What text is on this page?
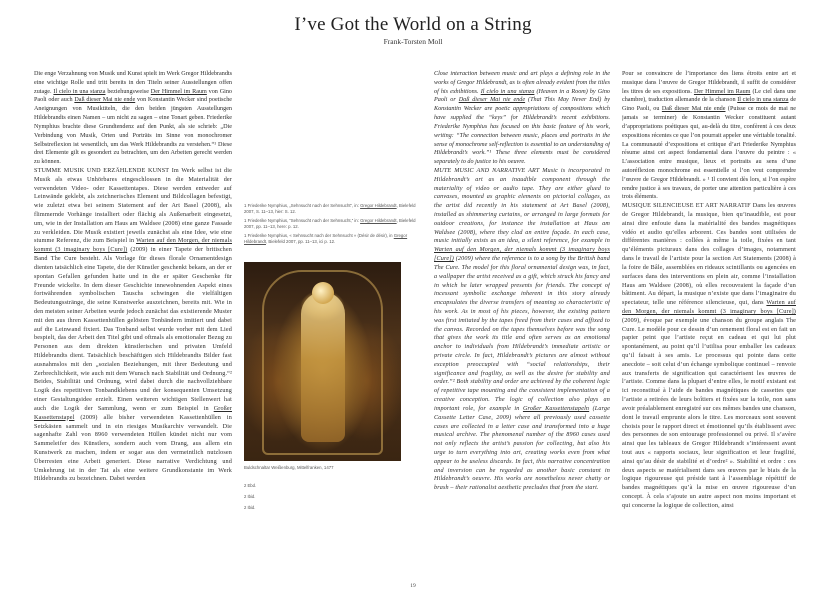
I’ve Got the World on a String
Frank-Torsten Moll

Die enge Verzahnung von Musik und Kunst spielt im Werk Gregor Hildebrandts eine wichtige Rolle und tritt bereits in den Titeln seiner Ausstellungen offen zutage. Il cielo in una stanza beziehungsweise Der Himmel im Raum von Gino Paoli oder auch Daß dieser Mai nie ende von Konstantin Wecker sind poetische Aneignungen von Musiktiteln, die den beiden jüngsten Ausstellungen Hildebrandts einen Namen – um nicht zu sagen – eine Tonart geben. Friederike Nymphius brachte diese Grundtendenz auf den Punkt, als sie schrieb: „Die Verbindung von Musik, Orten und Porträts im Sinne von monochromer Selbstreflexion ist wesentlich, um das Werk Hildebrandts zu verstehen.“¹ Diese drei Elemente gilt es gesondert zu betrachten, um den Arbeiten gerecht werden zu können.

STUMME MUSIK UND ERZÄHLENDE KUNST Im Werk selbst ist die Musik als etwas Unhörbares eingeschlossen in die Materialität der verwendeten Video- oder Kassettentapes. Diese werden entweder auf Leinwände geklebt, als zeichnerisches Element und Bildcollagen befestigt, wie zuletzt etwa bei seinem Statement auf der Art Basel (2008), als flimmernde Vorhänge installiert oder flächig als Außenarbeit eingesetzt, um, wie in der Installation am Haus am Waldsee (2008) eine ganze Fassade zu verkleiden. Die Musik existiert jeweils zunächst als eine Idee, wie eine stumme Referenz, die zum Beispiel in Warten auf den Morgen, der niemals kommt (3 imaginary boys [Cure]) (2009) in einer Tapete der britischen Band The Cure besteht. Als Vorlage für dieses florale Ornamentdesign dienten tatsächlich eine Tapete, die der Künstler geschenkt bekam, an der er spontan Gefallen gefunden hatte und in die er später Geschenke für Freunde wickelte. In dem dieser Geschichte innewohnenden Aspekt eines fortwährenden symbolischen Tauschs schwingen die vielfältigen Bedeutungsstränge, die seine Kunstwerke auszeichnen, bereits mit. Wie in den meisten seiner Arbeiten wurde jedoch zunächst das existierende Muster mit den aus ihren Kassettenhüllen gelösten Tonbändern imitiert und dabei auf die Leinwand fixiert. Das Tonband selbst wurde vorher mit dem Lied bespielt, das der Arbeit den Titel gibt und oftmals als emotionaler Bezug zu Personen aus dem direkten künstlerischen und privaten Umfeld Hildebrandts dient. Tatsächlich beschäftigen sich Hildebrandts Bilder fast ausnahmslos mit den „sozialen Beziehungen, mit ihrer Bedeutung und Zerbrechlichkeit, wie auch mit dem Wunsch nach Stabilität und Ordnung.“² Beides, Stabilität und Ordnung, wird dabei durch die nachvollziehbare Logik des repetitiven Tonbandklebens und der konsequenten Umsetzung einer Gestaltungsidee erzielt. Einen weiteren wichtigen Stellenwert hat auch die Logik der Sammlung, wenn er zum Beispiel in Großer Kassettenstapel (2009) alle bisher verwendeten Kassettenhüllen in Setzkästen sammelt und in ein riesiges Musikarchiv verwandelt. Die sagenhafte Zahl von 8960 verwendeten Hüllen kündet nicht nur vom Sammeleifer des Künstlers, sondern auch vom Drang, aus allem ein Kunstwerk zu machen, indem er sogar aus den vermeintlich nutzlosen Überresten eine Arbeit generiert. Diese narrative Verdichtung und Umkehrung ist in der Tat als eine weitere Grundkonstante im Werk Hildebrandts zu bezeichnen. Dabei werden

1 Friederike Nymphius, „Sehnsucht nach der Sehnsucht“, in: Gregor Hildebrandt, Bielefeld 2007, S. 11–13, hier: S. 12.

1 Friederike Nymphius, “Sehnsucht nach der Sehnsucht,” in: Gregor Hildebrandt, Bielefeld 2007, pp. 11–13, here: p. 12.

1 Friederike Nymphius, « Sehnsucht nach der Sehnsucht » (Désir de désir), in Gregor Hildebrandt, Bielefeld 2007, pp. 11–13, ici p. 12.

Buldschnaltar Weißenburg, Mittelfranken, 1477
2 Ebd.
2 Ibid.
2 Ibid.

Close interaction between music and art plays a defining role in the works of Gregor Hildebrandt, as is often already evident from the titles of his exhibitions. Il cielo in una stanza (Heaven in a Room) by Gino Paoli or Daß dieser Mai nie ende (That This May Never End) by Konstantin Wecker are poetic appropriations of compositions which have supplied the “keys” for Hildebrandt’s recent exhibitions. Friederike Nymphius has focused on this basic feature of his work, writing: “The connection between music, places and portraits in the sense of monochrome self-reflection is essential to an understanding of Hildebrandt’s work.”¹ These three elements must be considered separately to do justice to his oeuvre.

MUTE MUSIC AND NARRATIVE ART Music is incorporated in Hildebrandt’s art as an inaudible component through the materiality of video or audio tape. They are either glued to canvases, mounted as graphic elements on pictorial collages, as the artist did recently in his statement at Art Basel (2008), installed as shimmering curtains, or arranged in large formats for outdoor creations, for instance the installation at Haus am Waldsee (2008), where they clad an entire façade. In each case, music initially exists as an idea, a silent reference, for example in Warten auf den Morgen, der niemals kommt (3 imaginary boys [Cure]) (2009) where the reference is to a song by the British band The Cure. The model for this floral ornamental design was, in fact, a wallpaper the artist received as a gift, which struck his fancy and in which he later wrapped presents for friends. The concept of incessant symbolic exchange inherent in this story already encapsulates the diverse transfers of meaning so characteristic of his work. As in most of his pieces, however, the existing pattern was first imitated by the tapes freed from their cases and affixed to the canvas. Recorded on the tapes themselves before was the song that gives the work its title and often serves as an emotional anchor to individuals from Hildebrandt’s immediate artistic or private circle. In fact, Hildebrandt’s pictures are almost without exception preoccupied with “social relationships, their significance and fragility, as well as the desire for stability and order.”² Both stability and order are achieved by the coherent logic of repetitive tape mounting and the consistent implementation of a creative conception. The logic of collection also plays an important role, for example in Großer Kassettenstapeln (Large Cassette Letter Case, 2009) where all previously used cassette cases are collected in a letter case and transformed into a huge musical archive. The phenomenal number of the 8960 cases used not only reflects the artist’s passion for collecting, but also his urge to turn everything into art, creating works even from what appear to be useless discards. In fact, this narrative concentration and inversion can be regarded as another basic constant in Hildebrandt’s oeuvre. His works are nonetheless never chatty or brash – their rationalist aesthetic precludes that from the start.

Pour se convaincre de l’importance des liens étroits entre art et musique dans l’œuvre de Gregor Hildebrandt, il suffit de considérer les titres de ses expositions. Der Himmel im Raum (Le ciel dans une chambre), traduction allemande de la chanson Il cielo in una stanza de Gino Paoli, ou Daß dieser Mai nie ende (Puisse ce mois de mai ne jamais se terminer) de Konstantin Wecker constituent autant d’appropriations poétiques qui, au-delà du titre, confèrent à ces deux expositions récentes ce que l’on pourrait appeler une véritable tonalité. La communauté d’expositions et critique d’art Friederike Nymphius résume ainsi cet aspect fondamental dans l’œuvre du peintre : « L’association entre musique, lieux et portraits au sens d’une autoréflexion monochrome est essentielle si l’on veut comprendre l’œuvre de Gregor Hildebrandt. » ¹ Il convient dès lors, si l’on espère rendre justice à ses travaux, de porter une attention particulière à ces trois éléments.

MUSIQUE SILENCIEUSE ET ART NARRATIF Dans les œuvres de Gregor Hildebrandt, la musique, bien qu’inaudible, est pour ainsi dire enfouie dans la matérialité des bandes magnétiques vidéo et audio qu’elles arborent. Ces bandes sont utilisées de différentes manières : collées à même la toile, fixées en tant qu’éléments picturaux dans des collages d’images, notamment dans le travail de l’artiste pour la section Art Statements (2008) à la foire de Bâle, assemblées en rideaux scintillants ou agencées en surfaces dans des interventions en plein air, comme l’installation Haus am Waldsee (2008), où elles recouvraient la façade d’un bâtiment. Au départ, la musique n’existe que dans l’imaginaire du spectateur, telle une référence silencieuse, qui, dans Warten auf den Morgen, der niemals kommt (3 imaginary boys [Cure]) (2009), évoque par exemple une chanson du groupe anglais The Cure. Le modèle pour ce dessin d’un ornement floral est en fait un papier peint que l’artiste reçut en cadeau et qui lui plut spontanément, au point qu’il l’utilisa pour emballer les cadeaux qu’il faisait à ses amis. Le processus qui pointe dans cette anecdote – soit celui d’un échange symbolique continuel – renvoie aux transferts de signification qui caractérisent les œuvres de l’artiste. Comme dans la plupart d’entre elles, le motif existant est ici reconstitué à l’aide de bandes magnétiques de cassettes que l’artiste a retirées de leurs boîtiers et fixées sur la toile, non sans avoir préalablement enregistré sur ces mêmes bandes une chanson, dont le travail emprunte alors le titre. Les morceaux sont souvent choisis pour le rapport direct et émotionnel qu’ils établissent avec des personnes de son entourage professionnel ou privé. Il s’avère ainsi que les tableaux de Gregor Hildebrandt s’intéressent avant tout aux « rapports sociaux, leur signification et leur fragilité, ainsi qu’au désir de stabilité et d’ordre² ». Stabilité et ordre : ces deux aspects se matérialisent dans ses œuvres par le biais de la logique rigoureuse qui préside tant à l’assemblage répétitif de bandes magnétiques qu’à la mise en œuvre rigoureuse d’un concept. À cela s’ajoute un autre aspect non moins important et qui concerne la logique de collection, ainsi

19
